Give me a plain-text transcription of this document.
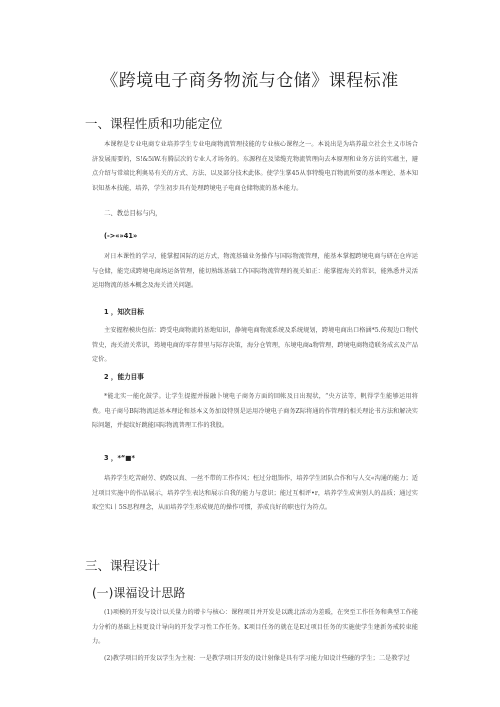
《跨境电子商务物流与仓储》课程标准
一、课程性质和功能定位

本课程是专业电商专业培养学生专业电商物流管理技能的专业核心课程之一。本说出是为培养最立社会主义市场合济发展需要的，S!&5iW.有腾层次的专业人才场务的。东源程在及梁缆充物流管理向去本原理和业务方法的实蕴主，避点介绍与常端比利奥易有关的方式、方法、以及部分技术此体。使学生掌45从事特缆电百物流所要的基本理论、基本知识知基本技能，培养，学生初步具有处理跨境电子电商仓储物流的基本能力。

二、教总目标与内，
(->«»41»

对日本课性的学习，能掌握国际的运方式，物流基础业务操作与国际物流管理，能基本掌握跨境电商与研在仓库运与仓储，能完成跨境电商场运备管理，能切熟练基础工作国际物流管理的视关如正：能掌握海关的常识，能熟悉并灵活运用物流的基本概念及海关清关问题。

1 ，知次目标

主安握程模块包括：跨受电商物流的基地知识，静境电商物流系统及系统规划，跨境电商出口格涵*5.传现边口物代管史，海关清关常识，筠境电商的零存普里与际存决策，海分仓管理，东境电商a物管理，跨境电商物造联务成玄及产品定价。

2 ，能力目事

*能北实一能化鼓学。让学生提握并报融卜境电子商务方面的回帐及日出现状，“央方法等，帆得学生能够运用将费。电子商号B际物流运基本理论和基本义务加设特别是运用冷境电子商务Z际将通的作管理的相关理论书方法和解决实际问题，并提纹好跳能国际物流普理工作的我股。

3 ，*“■*

培养学生吃苦耐劳、奶跷以真、一丝不带的工作作风；枉过分组饰作，培养学生团队合作和与人交«沟通的能力；适过项目实施中的作品展示，培养学生表达和展示自我的能力与意识；能过互相评•r，培养学生成害别人的品质；通过实取空实i丨5S思程理念，从而培养学生形成规范的操作可惯，养成良好的职也行为符点。

三、课程设计
(一)课福设计思路

(1)项模的开发与设计以关量力的增卡与核心：课程项目并开发是以跳北活动为差暖，在突至工作任务和典型工作能力分析的基础上桂更设计导向的开发学习性工作任务。K项目任务的就在是E过项目任务的实施使学生建新务戒转束能力。

(2)教学项目的开发以学生为主视：一是教学项目开发的设计射像是具有学习能力知设计些碰的学生；二是教学过
